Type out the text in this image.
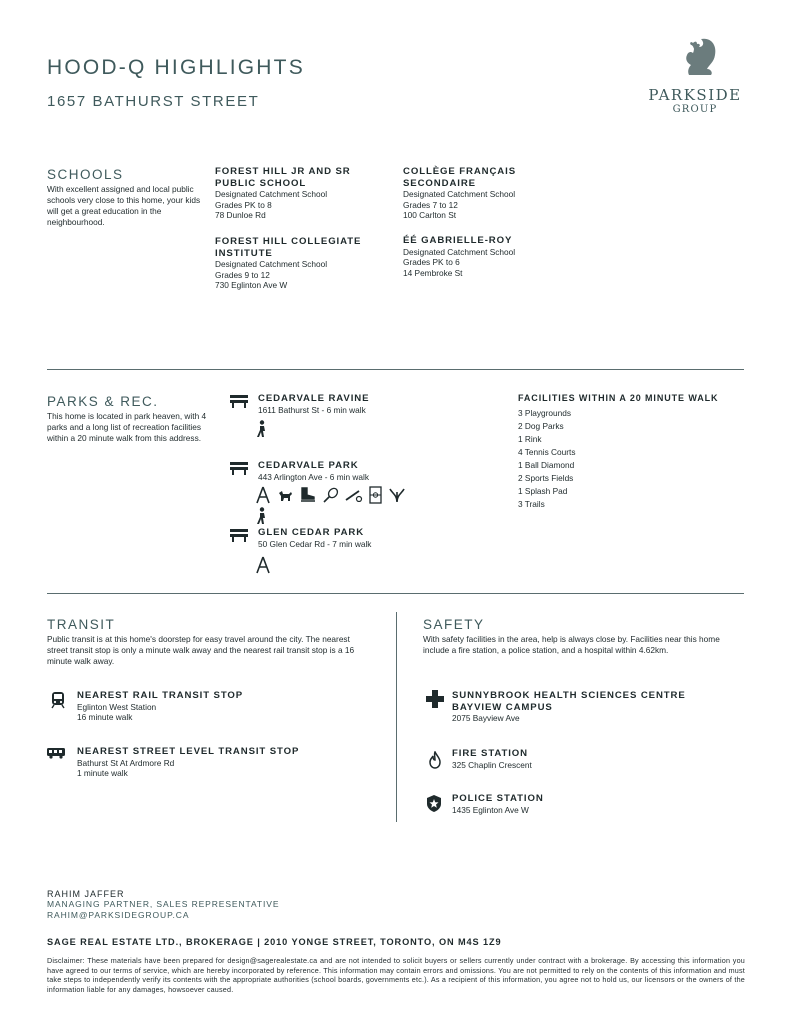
HOOD-Q HIGHLIGHTS
1657 BATHURST STREET	PARKSIDE
GROUP
SCHOOLS
With excellent assigned and local public schools very close to this home, your kids will get a great education in the neighbourhood.
FOREST HILL JR AND SR PUBLIC SCHOOL
Designated Catchment School
Grades PK to 8
78 Dunloe Rd
FOREST HILL COLLEGIATE INSTITUTE
Designated Catchment School
Grades 9 to 12
730 Eglinton Ave W
COLLÈGE FRANÇAIS SECONDAIRE
Designated Catchment School
Grades 7 to 12
100 Carlton St
ÉÉ GABRIELLE-ROY
Designated Catchment School
Grades PK to 6
14 Pembroke St
PARKS & REC.
This home is located in park heaven, with 4 parks and a long list of recreation facilities within a 20 minute walk from this address.
CEDARVALE RAVINE
1611 Bathurst St - 6 min walk
CEDARVALE PARK
443 Arlington Ave - 6 min walk
GLEN CEDAR PARK
50 Glen Cedar Rd - 7 min walk
FACILITIES WITHIN A 20 MINUTE WALK
3 Playgrounds
2 Dog Parks
1 Rink
4 Tennis Courts
1 Ball Diamond
2 Sports Fields
1 Splash Pad
3 Trails
TRANSIT
Public transit is at this home's doorstep for easy travel around the city. The nearest street transit stop is only a minute walk away and the nearest rail transit stop is a 16 minute walk away.
NEAREST RAIL TRANSIT STOP
Eglinton West Station
16 minute walk
NEAREST STREET LEVEL TRANSIT STOP
Bathurst St At Ardmore Rd
1 minute walk
SAFETY
With safety facilities in the area, help is always close by. Facilities near this home include a fire station, a police station, and a hospital within 4.62km.
SUNNYBROOK HEALTH SCIENCES CENTRE BAYVIEW CAMPUS
2075 Bayview Ave
FIRE STATION
325 Chaplin Crescent
POLICE STATION
1435 Eglinton Ave W
RAHIM JAFFER
MANAGING PARTNER, SALES REPRESENTATIVE
RAHIM@PARKSIDEGROUP.CA
SAGE REAL ESTATE LTD., BROKERAGE | 2010 YONGE STREET, TORONTO, ON M4S 1Z9
Disclaimer: These materials have been prepared for design@sagerealestate.ca and are not intended to solicit buyers or sellers currently under contract with a brokerage. By accessing this information you have agreed to our terms of service, which are hereby incorporated by reference. This information may contain errors and omissions. You are not permitted to rely on the contents of this information and must take steps to independently verify its contents with the appropriate authorities (school boards, governments etc.). As a recipient of this information, you agree not to hold us, our licensors or the owners of the information liable for any damages, howsoever caused.
